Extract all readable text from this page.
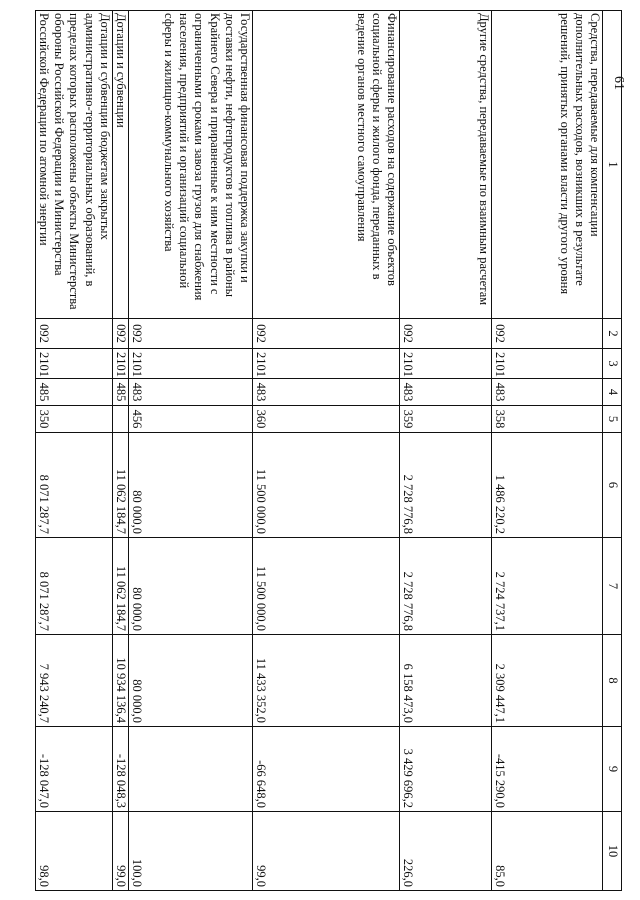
61
1	2	3	4	5	6	7	8	9	10
Средства, передаваемые для компенсации дополнительных расходов, возникших в результате решений, принятых органами власти другого уровня	092	2101	483	358	1 486 220,2	2 724 737,1	2 309 447,1	-415 290,0	85,0
Другие средства, передаваемые по взаимным расчетам	092	2101	483	359	2 728 776,8	2 728 776,8	6 158 473,0	3 429 696,2	226,0
Финансирование расходов на содержание объектов социальной сферы и жилого фонда, переданных в ведение органов местного самоуправления	092	2101	483	360	11 500 000,0	11 500 000,0	11 433 352,0	-66 648,0	99,0
Государственная финансовая поддержка закупки и доставки нефти, нефтепродуктов и топлива в районы Крайнего Севера и приравненные к ним местности с ограниченными сроками завоза грузов для снабжения населения, предприятий и организаций социальной сферы и жилищно-коммунального хозяйства	092	2101	483	456	80 000,0	80 000,0	80 000,0		100,0
Дотации и субвенции	092	2101	485		11 062 184,7	11 062 184,7	10 934 136,4	-128 048,3	99,0
Дотации и субвенции бюджетам закрытых административно-территориальных образований, в пределах которых расположены объекты Министерства обороны Российской Федерации и Министерства Российской Федерации по атомной энергии	092	2101	485	350	8 071 287,7	8 071 287,7	7 943 240,7	-128 047,0	98,0
